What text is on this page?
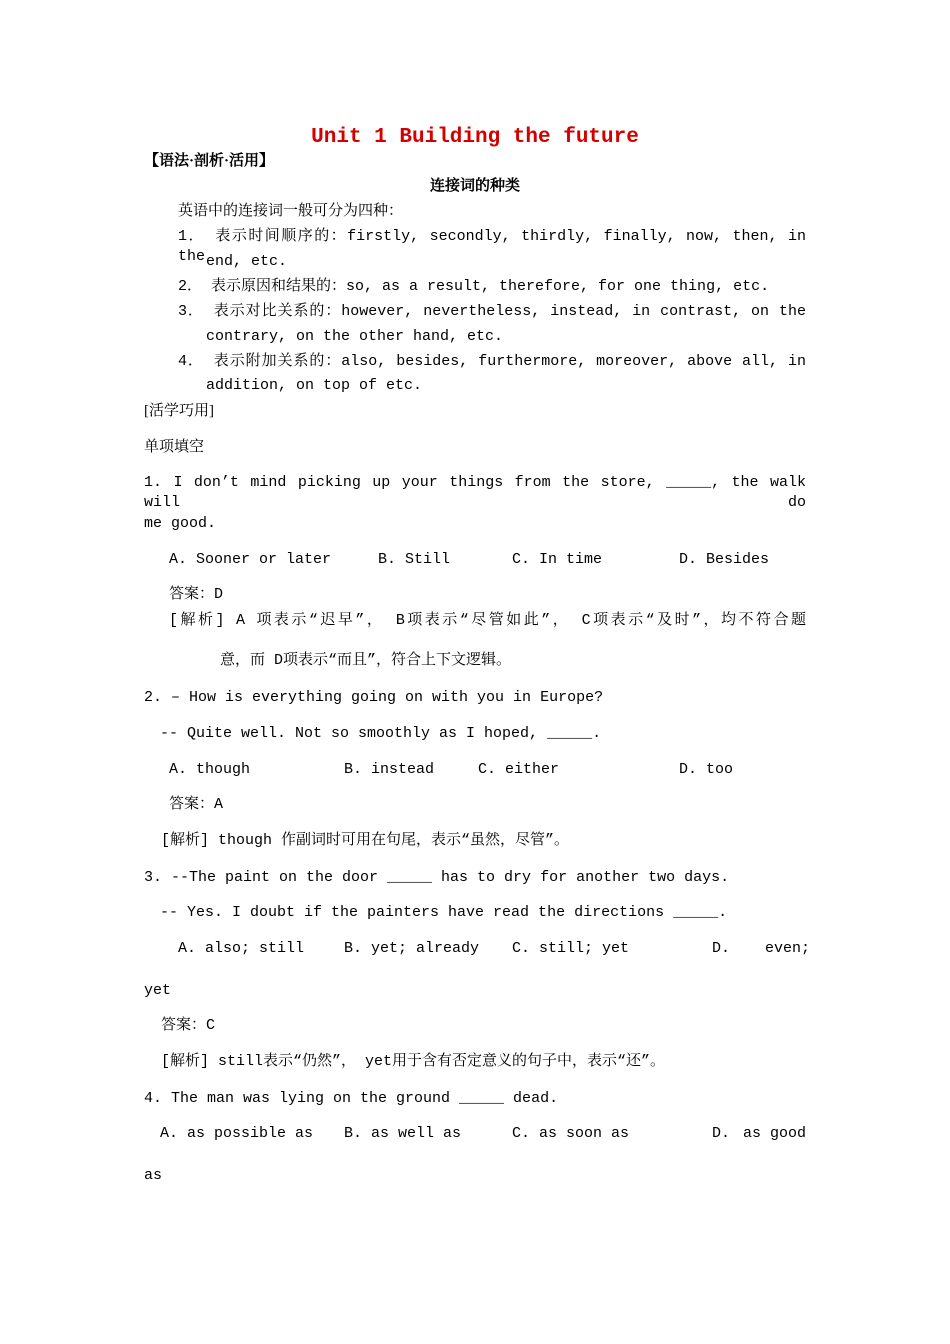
Unit 1 Building the future
【语法·剖析·活用】
连接词的种类
英语中的连接词一般可分为四种：
1． 表示时间顺序的：firstly, secondly, thirdly, finally, now, then, in the end, etc.
2． 表示原因和结果的：so, as a result, therefore, for one thing, etc.
3． 表示对比关系的：however, nevertheless, instead, in contrast, on the
contrary, on the other hand, etc.
4． 表示附加关系的：also, besides, furthermore, moreover, above all, in
addition, on top of etc.
[活学巧用]
单项填空
1. I don’t mind picking up your things from the store, _____, the walk will do
me good.
A. Sooner or later	B. Still	C. In time	D. Besides
答案：D
[解析] A 项表示“迟早”， B项表示“尽管如此”， C项表示“及时”，均不符合题
意，而 D项表示“而且”，符合上下文逻辑。
2. – How is everything going on with you in Europe?
-- Quite well. Not so smoothly as I hoped, _____.
A. though	B. instead	C. either	D. too
答案：A
[解析] though 作副词时可用在句尾，表示“虽然，尽管”。
3. --The paint on the door _____ has to dry for another two days.
-- Yes. I doubt if the painters have read the directions _____.
A. also; still	B. yet; already C. still; yet	D. even;
yet
答案：C
[解析] still表示“仍然”， yet用于含有否定意义的句子中，表示“还”。
4. The man was lying on the ground _____ dead.
A. as possible as B. as well as	C. as soon as	D. as good
as
